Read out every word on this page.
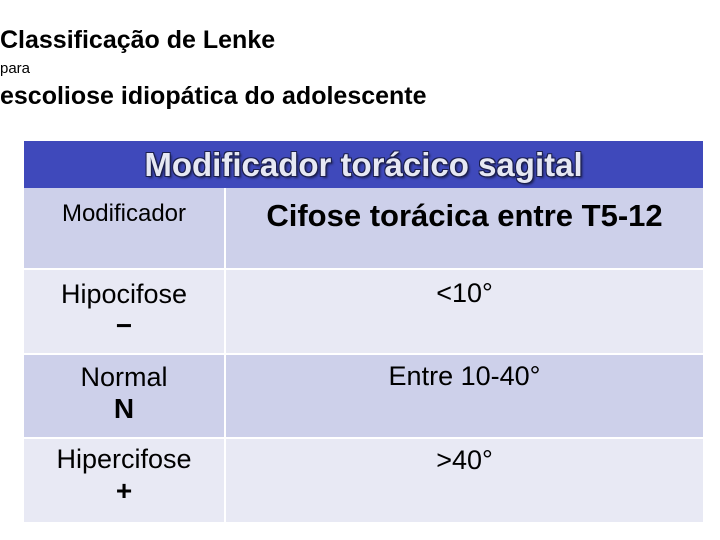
Classificação de Lenke
para
escoliose idiopática do adolescente
Modificador torácico sagital
Modificador	Cifose torácica entre T5-12
Hipocifose
−
<10°
Normal
N
Entre 10-40°
Hipercifose
+
>40°
